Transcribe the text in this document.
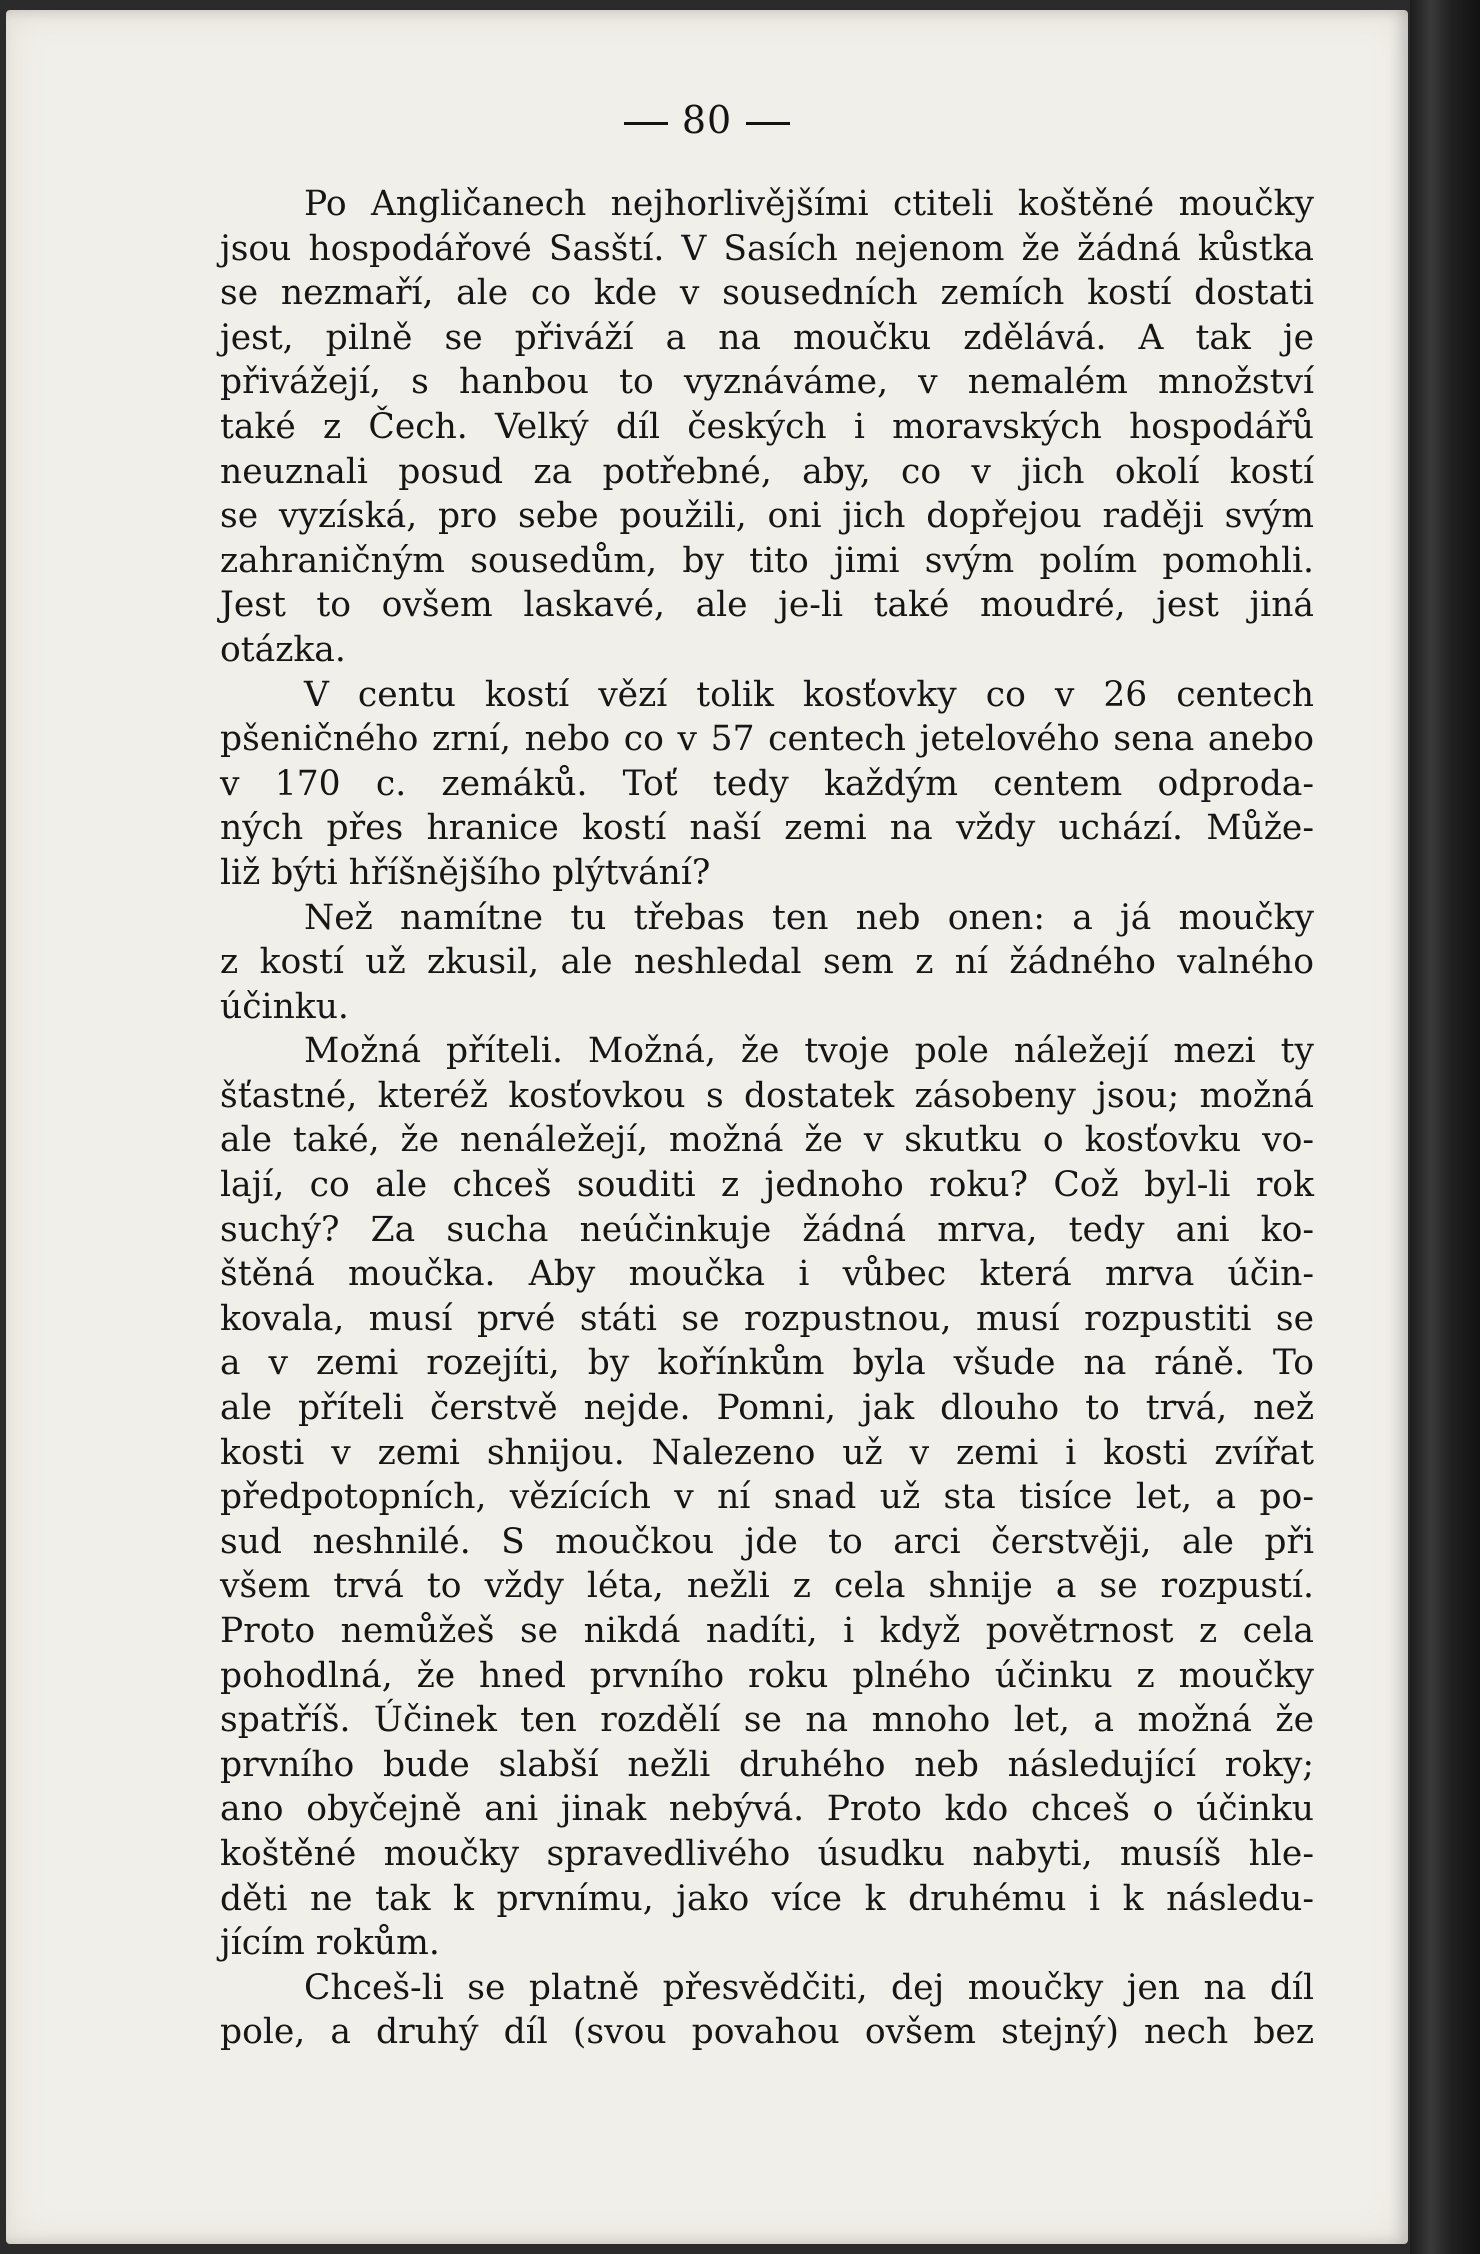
80
Po Angličanech nejhorlivějšími ctiteli koštěné moučky
jsou hospodářové Sasští. V Sasích nejenom že žádná kůstka
se nezmaří, ale co kde v sousedních zemích kostí dostati
jest, pilně se přiváží a na moučku zdělává. A tak je
přivážejí, s hanbou to vyznáváme, v nemalém množství
také z Čech. Velký díl českých i moravských hospodářů
neuznali posud za potřebné, aby, co v jich okolí kostí
se vyzíská, pro sebe použili, oni jich dopřejou raději svým
zahraničným sousedům, by tito jimi svým polím pomohli.
Jest to ovšem laskavé, ale je-li také moudré, jest jiná
otázka.
V centu kostí vězí tolik kosťovky co v 26 centech
pšeničného zrní, nebo co v 57 centech jetelového sena anebo
v 170 c. zemáků. Toť tedy každým centem odproda-
ných přes hranice kostí naší zemi na vždy uchází. Může-
liž býti hříšnějšího plýtvání?
Než namítne tu třebas ten neb onen: a já moučky
z kostí už zkusil, ale neshledal sem z ní žádného valného
účinku.
Možná příteli. Možná, že tvoje pole náležejí mezi ty
šťastné, kteréž kosťovkou s dostatek zásobeny jsou; možná
ale také, že nenáležejí, možná že v skutku o kosťovku vo-
lají, co ale chceš souditi z jednoho roku? Což byl-li rok
suchý? Za sucha neúčinkuje žádná mrva, tedy ani ko-
štěná moučka. Aby moučka i vůbec která mrva účin-
kovala, musí prvé státi se rozpustnou, musí rozpustiti se
a v zemi rozejíti, by kořínkům byla všude na ráně. To
ale příteli čerstvě nejde. Pomni, jak dlouho to trvá, než
kosti v zemi shnijou. Nalezeno už v zemi i kosti zvířat
předpotopních, vězících v ní snad už sta tisíce let, a po-
sud neshnilé. S moučkou jde to arci čerstvěji, ale při
všem trvá to vždy léta, nežli z cela shnije a se rozpustí.
Proto nemůžeš se nikdá nadíti, i když povětrnost z cela
pohodlná, že hned prvního roku plného účinku z moučky
spatříš. Účinek ten rozdělí se na mnoho let, a možná že
prvního bude slabší nežli druhého neb následující roky;
ano obyčejně ani jinak nebývá. Proto kdo chceš o účinku
koštěné moučky spravedlivého úsudku nabyti, musíš hle-
děti ne tak k prvnímu, jako více k druhému i k následu-
jícím rokům.
Chceš-li se platně přesvědčiti, dej moučky jen na díl
pole, a druhý díl (svou povahou ovšem stejný) nech bez
